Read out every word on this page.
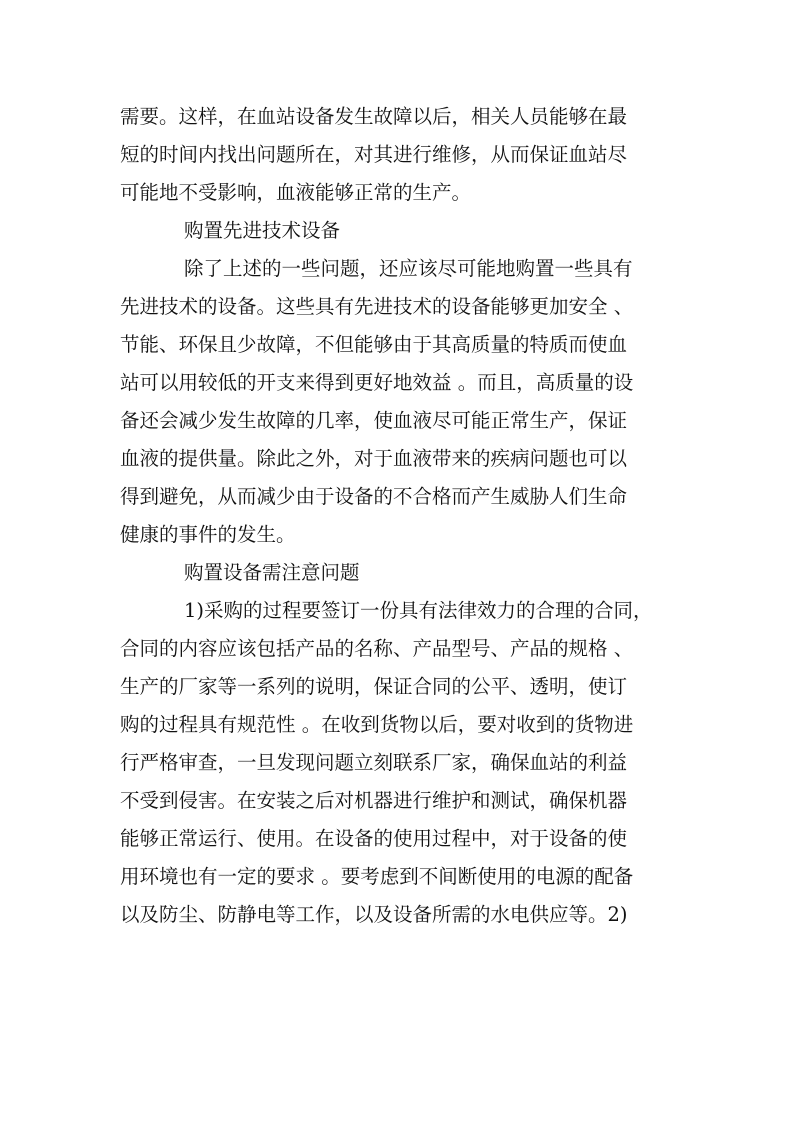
需要。这样，在血站设备发生故障以后，相关人员能够在最
短的时间内找出问题所在，对其进行维修，从而保证血站尽
可能地不受影响，血液能够正常的生产。
购置先进技术设备
除了上述的一些问题，还应该尽可能地购置一些具有
先进技术的设备。这些具有先进技术的设备能够更加安全 、
节能、环保且少故障，不但能够由于其高质量的特质而使血
站可以用较低的开支来得到更好地效益 。而且，高质量的设
备还会减少发生故障的几率，使血液尽可能正常生产，保证
血液的提供量。除此之外，对于血液带来的疾病问题也可以
得到避免，从而减少由于设备的不合格而产生威胁人们生命
健康的事件的发生。
购置设备需注意问题
1)采购的过程要签订一份具有法律效力的合理的合同，
合同的内容应该包括产品的名称、产品型号、产品的规格 、
生产的厂家等一系列的说明，保证合同的公平、透明，使订
购的过程具有规范性 。在收到货物以后，要对收到的货物进
行严格审查，一旦发现问题立刻联系厂家，确保血站的利益
不受到侵害。在安装之后对机器进行维护和测试，确保机器
能够正常运行、使用。在设备的使用过程中，对于设备的使
用环境也有一定的要求 。要考虑到不间断使用的电源的配备
以及防尘、防静电等工作，以及设备所需的水电供应等。2)
